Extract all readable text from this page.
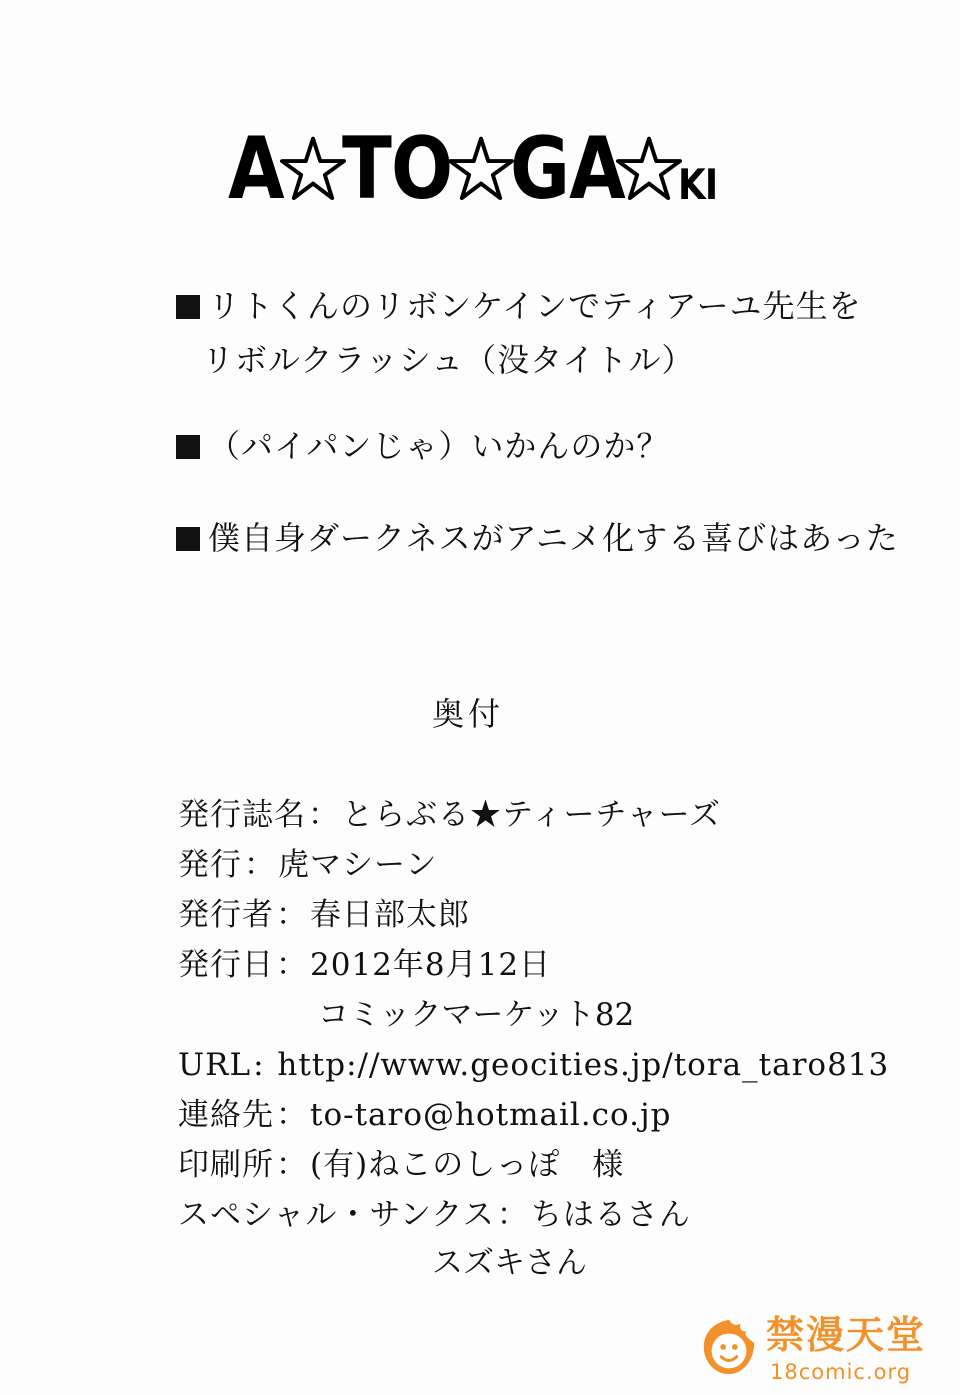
A TO GA KI
リトくんのリボンケインでティアーユ先生を
リボルクラッシュ（没タイトル）
（パイパンじゃ）いかんのか？
僕自身ダークネスがアニメ化する喜びはあった
奥付
発行誌名：とらぶる★ティーチャーズ
発行：虎マシーン
発行者：春日部太郎
発行日：2012年8月12日
コミックマーケット82
URL: http://www.geocities.jp/tora_taro813
連絡先：to-taro@hotmail.co.jp
印刷所：(有)ねこのしっぽ　様
スペシャル・サンクス：ちはるさん
スズキさん
禁漫天堂
18comic.org
